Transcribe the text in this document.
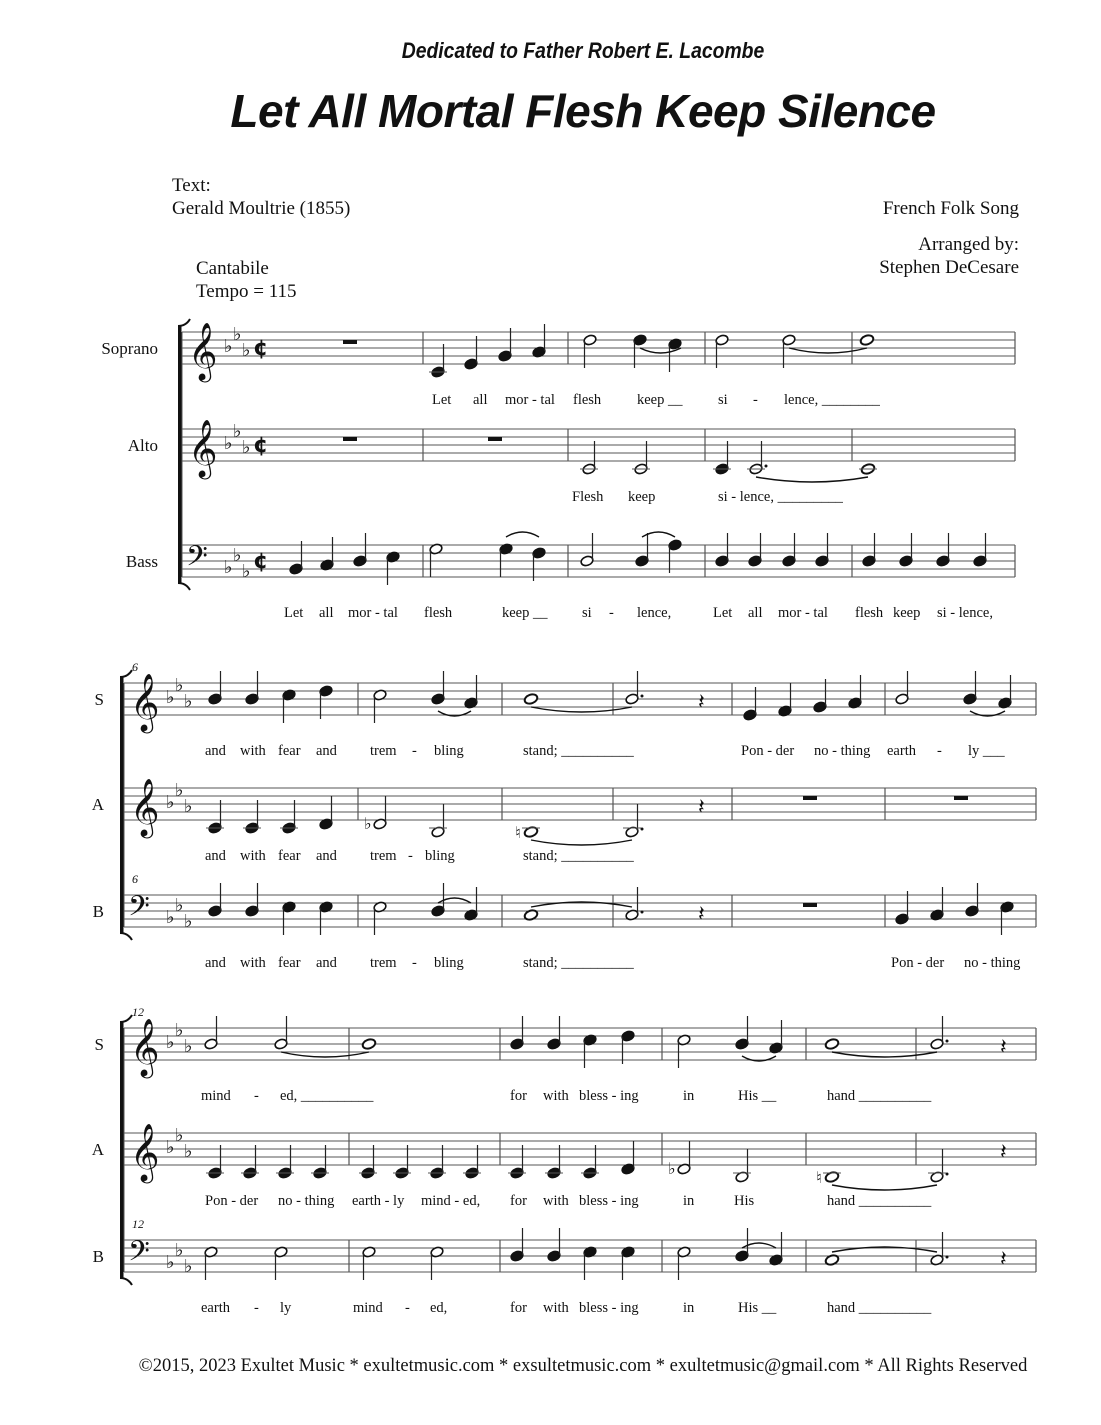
Dedicated to Father Robert E. Lacombe
Let All Mortal Flesh Keep Silence
Text:
Gerald Moultrie (1855)	French Folk Song
Arranged by:
Stephen DeCesare
Cantabile
Tempo = 115
Soprano 𝄞 ♭
♭
♭ ¢
Let all mor - tal flesh keep __ si - lence, ________
Alto 𝄞 ♭
♭
♭ ¢
Flesh keep	si - lence, _________
Bass 𝄢 ♭
♭
♭ ¢
Let all mor - tal flesh	keep __ si - lence,	Let all mor - tal flesh keep si - lence,
S 𝄞 ♭
♭
♭
and with fear and trem - bling	stand; __________	Pon - der no - thing earth - ly ___
A 𝄞 ♭
♭
♭
and with fear and trem - bling	stand; __________
B 𝄢 ♭
♭
♭
and with fear and trem - bling	stand; __________	Pon - der no - thing
6
6
S 𝄞 ♭
♭
♭
mind - ed, __________	for with bless - ing	in	His __	hand __________
A 𝄞 ♭
♭
♭
Pon - der no - thing earth - ly mind - ed, for with bless - ing	in	His	hand __________
B 𝄢 ♭
♭
♭
earth - ly	mind - ed,	for with bless - ing	in	His __	hand __________
12
12
𝄽
♭	♮
𝄽
𝄽
𝄽
♭	♮
𝄽
𝄽
©2015, 2023 Exultet Music * exultetmusic.com * exsultetmusic.com * exultetmusic@gmail.com * All Rights Reserved
